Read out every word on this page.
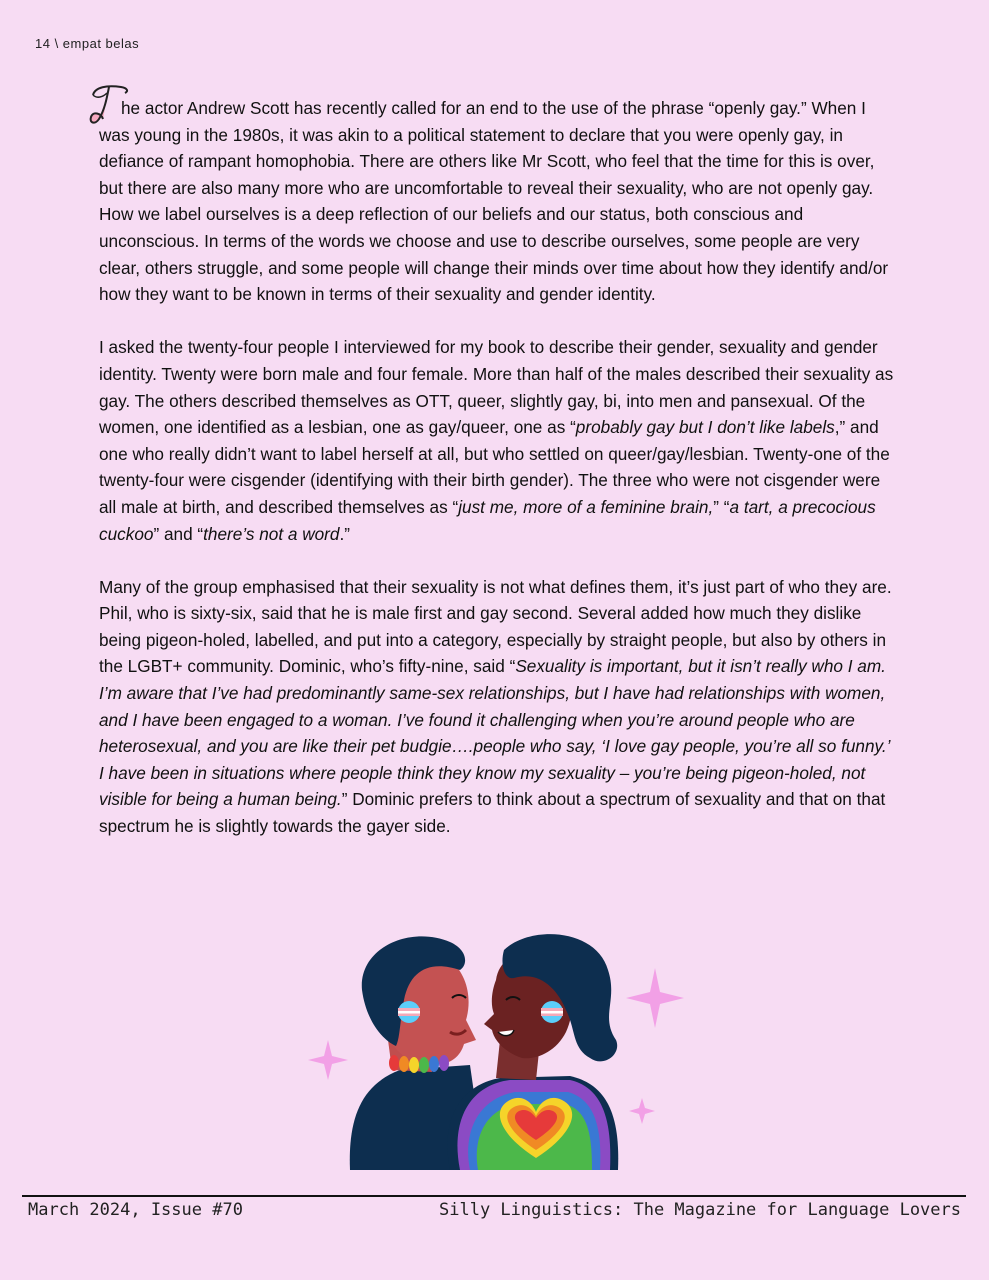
14 \ empat belas

he actor Andrew Scott has recently called for an end to the use of the phrase “openly gay.” When I was young in the 1980s, it was akin to a political statement to declare that you were openly gay, in defiance of rampant homophobia. There are others like Mr Scott, who feel that the time for this is over, but there are also many more who are uncomfortable to reveal their sexuality, who are not openly gay. How we label ourselves is a deep reflection of our beliefs and our status, both conscious and unconscious. In terms of the words we choose and use to describe ourselves, some people are very clear, others struggle, and some people will change their minds over time about how they identify and/or how they want to be known in terms of their sexuality and gender identity.

I asked the twenty-four people I interviewed for my book to describe their gender, sexuality and gender identity. Twenty were born male and four female. More than half of the males described their sexuality as gay. The others described themselves as OTT, queer, slightly gay, bi, into men and pansexual. Of the women, one identified as a lesbian, one as gay/queer, one as “probably gay but I don’t like labels,” and one who really didn’t want to label herself at all, but who settled on queer/gay/lesbian. Twenty-one of the twenty-four were cisgender (identifying with their birth gender). The three who were not cisgender were all male at birth, and described themselves as “just me, more of a feminine brain,” “a tart, a precocious cuckoo” and “there’s not a word.”

Many of the group emphasised that their sexuality is not what defines them, it’s just part of who they are. Phil, who is sixty-six, said that he is male first and gay second. Several added how much they dislike being pigeon-holed, labelled, and put into a category, especially by straight people, but also by others in the LGBT+ community. Dominic, who’s fifty-nine, said “Sexuality is important, but it isn’t really who I am. I’m aware that I’ve had predominantly same-sex relationships, but I have had relationships with women, and I have been engaged to a woman. I’ve found it challenging when you’re around people who are heterosexual, and you are like their pet budgie….people who say, ‘I love gay people, you’re all so funny.’ I have been in situations where people think they know my sexuality – you’re being pigeon-holed, not visible for being a human being.” Dominic prefers to think about a spectrum of sexuality and that on that spectrum he is slightly towards the gayer side.

March 2024, Issue #70	Silly Linguistics: The Magazine for Language Lovers
